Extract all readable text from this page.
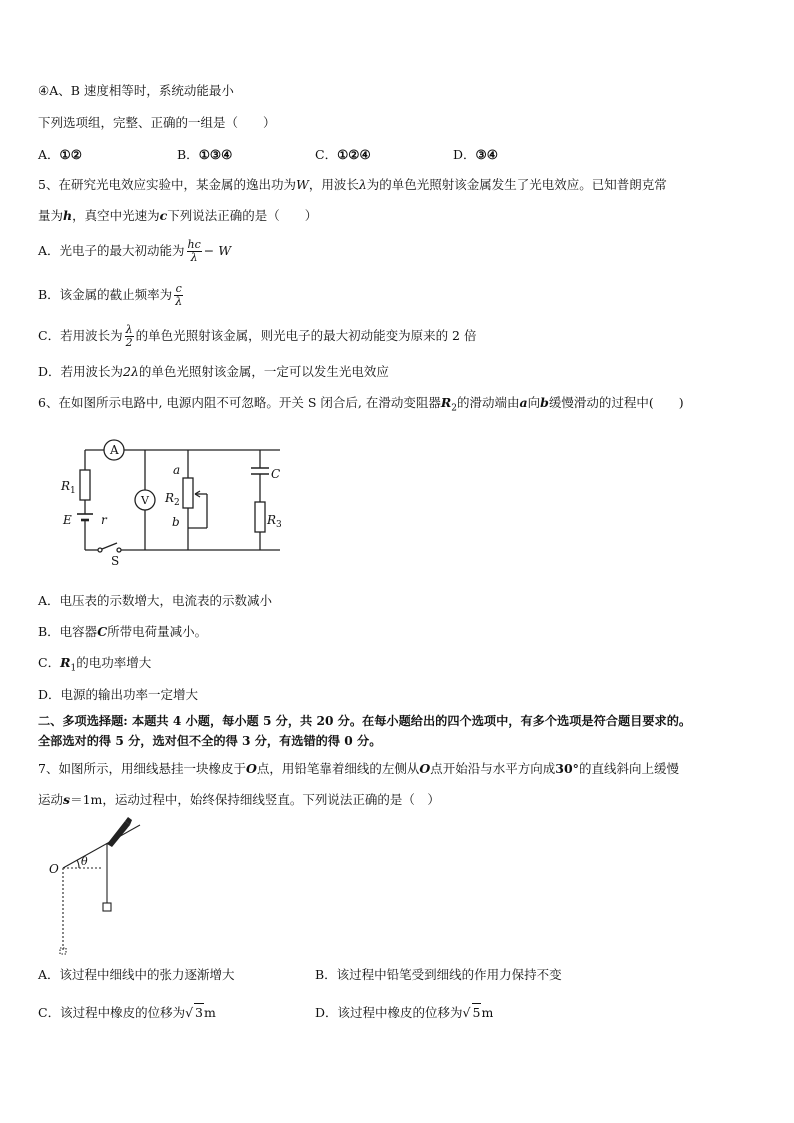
④A、B 速度相等时，系统动能最小
下列选项组，完整、正确的一组是（　　）
A．①②	B．①③④	C．①②④	D．③④
5、在研究光电效应实验中，某金属的逸出功为W，用波长λ为的单色光照射该金属发生了光电效应。已知普朗克常
量为h，真空中光速为c下列说法正确的是（　　）
A．光电子的最大初动能为 $\frac{hc}{\lambda} - W$
B．该金属的截止频率为 $\frac{c}{\lambda}$
C．若用波长为 $\frac{\lambda}{2}$ 的单色光照射该金属，则光电子的最大初动能变为原来的 2 倍
D．若用波长为2λ的单色光照射该金属，一定可以发生光电效应
6、在如图所示电路中, 电源内阻不可忽略。开关 S 闭合后, 在滑动变阻器$R_2$的滑动端由a向b缓慢滑动的过程中(　　)
A
V
R 1
E r
S
a
R 2
b
C
R 3
A．电压表的示数增大，电流表的示数减小
B．电容器C所带电荷量减小。
C．$R_1$的电功率增大
D．电源的输出功率一定增大
二、多项选择题: 本题共 4 小题，每小题 5 分，共 20 分。在每小题给出的四个选项中，有多个选项是符合题目要求的。
全部选对的得 5 分，选对但不全的得 3 分，有选错的得 0 分。
7、如图所示，用细线悬挂一块橡皮于O点，用铅笔靠着细线的左侧从O点开始沿与水平方向成30°的直线斜向上缓慢
运动s＝1m，运动过程中，始终保持细线竖直。下列说法正确的是（　）
O
θ
A．该过程中细线中的张力逐渐增大	B．该过程中铅笔受到细线的作用力保持不变
C．该过程中橡皮的位移为√ 3m	D．该过程中橡皮的位移为√ 5m
